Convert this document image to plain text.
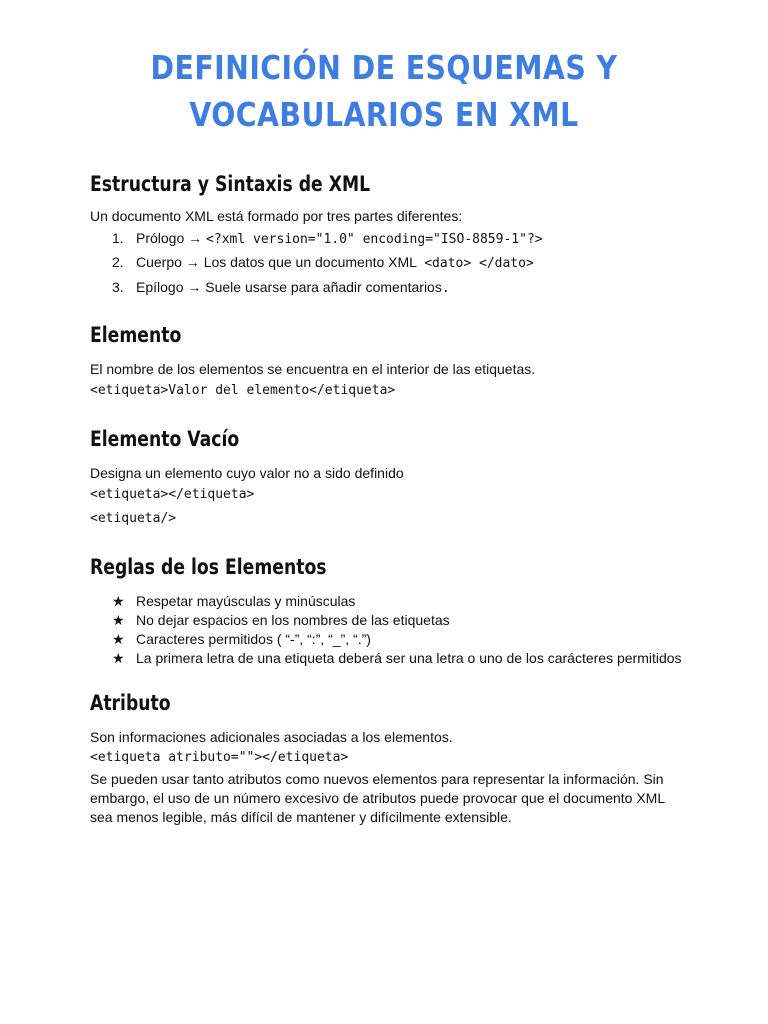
DEFINICIÓN DE ESQUEMAS Y
VOCABULARIOS EN XML
Estructura y Sintaxis de XML
Un documento XML está formado por tres partes diferentes:
1. Prólogo → <?xml version="1.0" encoding="ISO-8859-1"?>
2. Cuerpo → Los datos que un documento XML  <dato> </dato>
3. Epílogo → Suele usarse para añadir comentarios.
Elemento
El nombre de los elementos se encuentra en el interior de las etiquetas.
<etiqueta>Valor del elemento</etiqueta>
Elemento Vacío
Designa un elemento cuyo valor no a sido definido
<etiqueta></etiqueta>
<etiqueta/>
Reglas de los Elementos
★ Respetar mayúsculas y minúsculas
★ No dejar espacios en los nombres de las etiquetas
★ Caracteres permitidos ( “-”, “:”, “_”, “.”)
★ La primera letra de una etiqueta deberá ser una letra o uno de los carácteres permitidos
Atributo
Son informaciones adicionales asociadas a los elementos.
<etiqueta atributo=""></etiqueta>
Se pueden usar tanto atributos como nuevos elementos para representar la información. Sin embargo, el uso de un número excesivo de atributos puede provocar que el documento XML sea menos legible, más difícil de mantener y difícilmente extensible.
